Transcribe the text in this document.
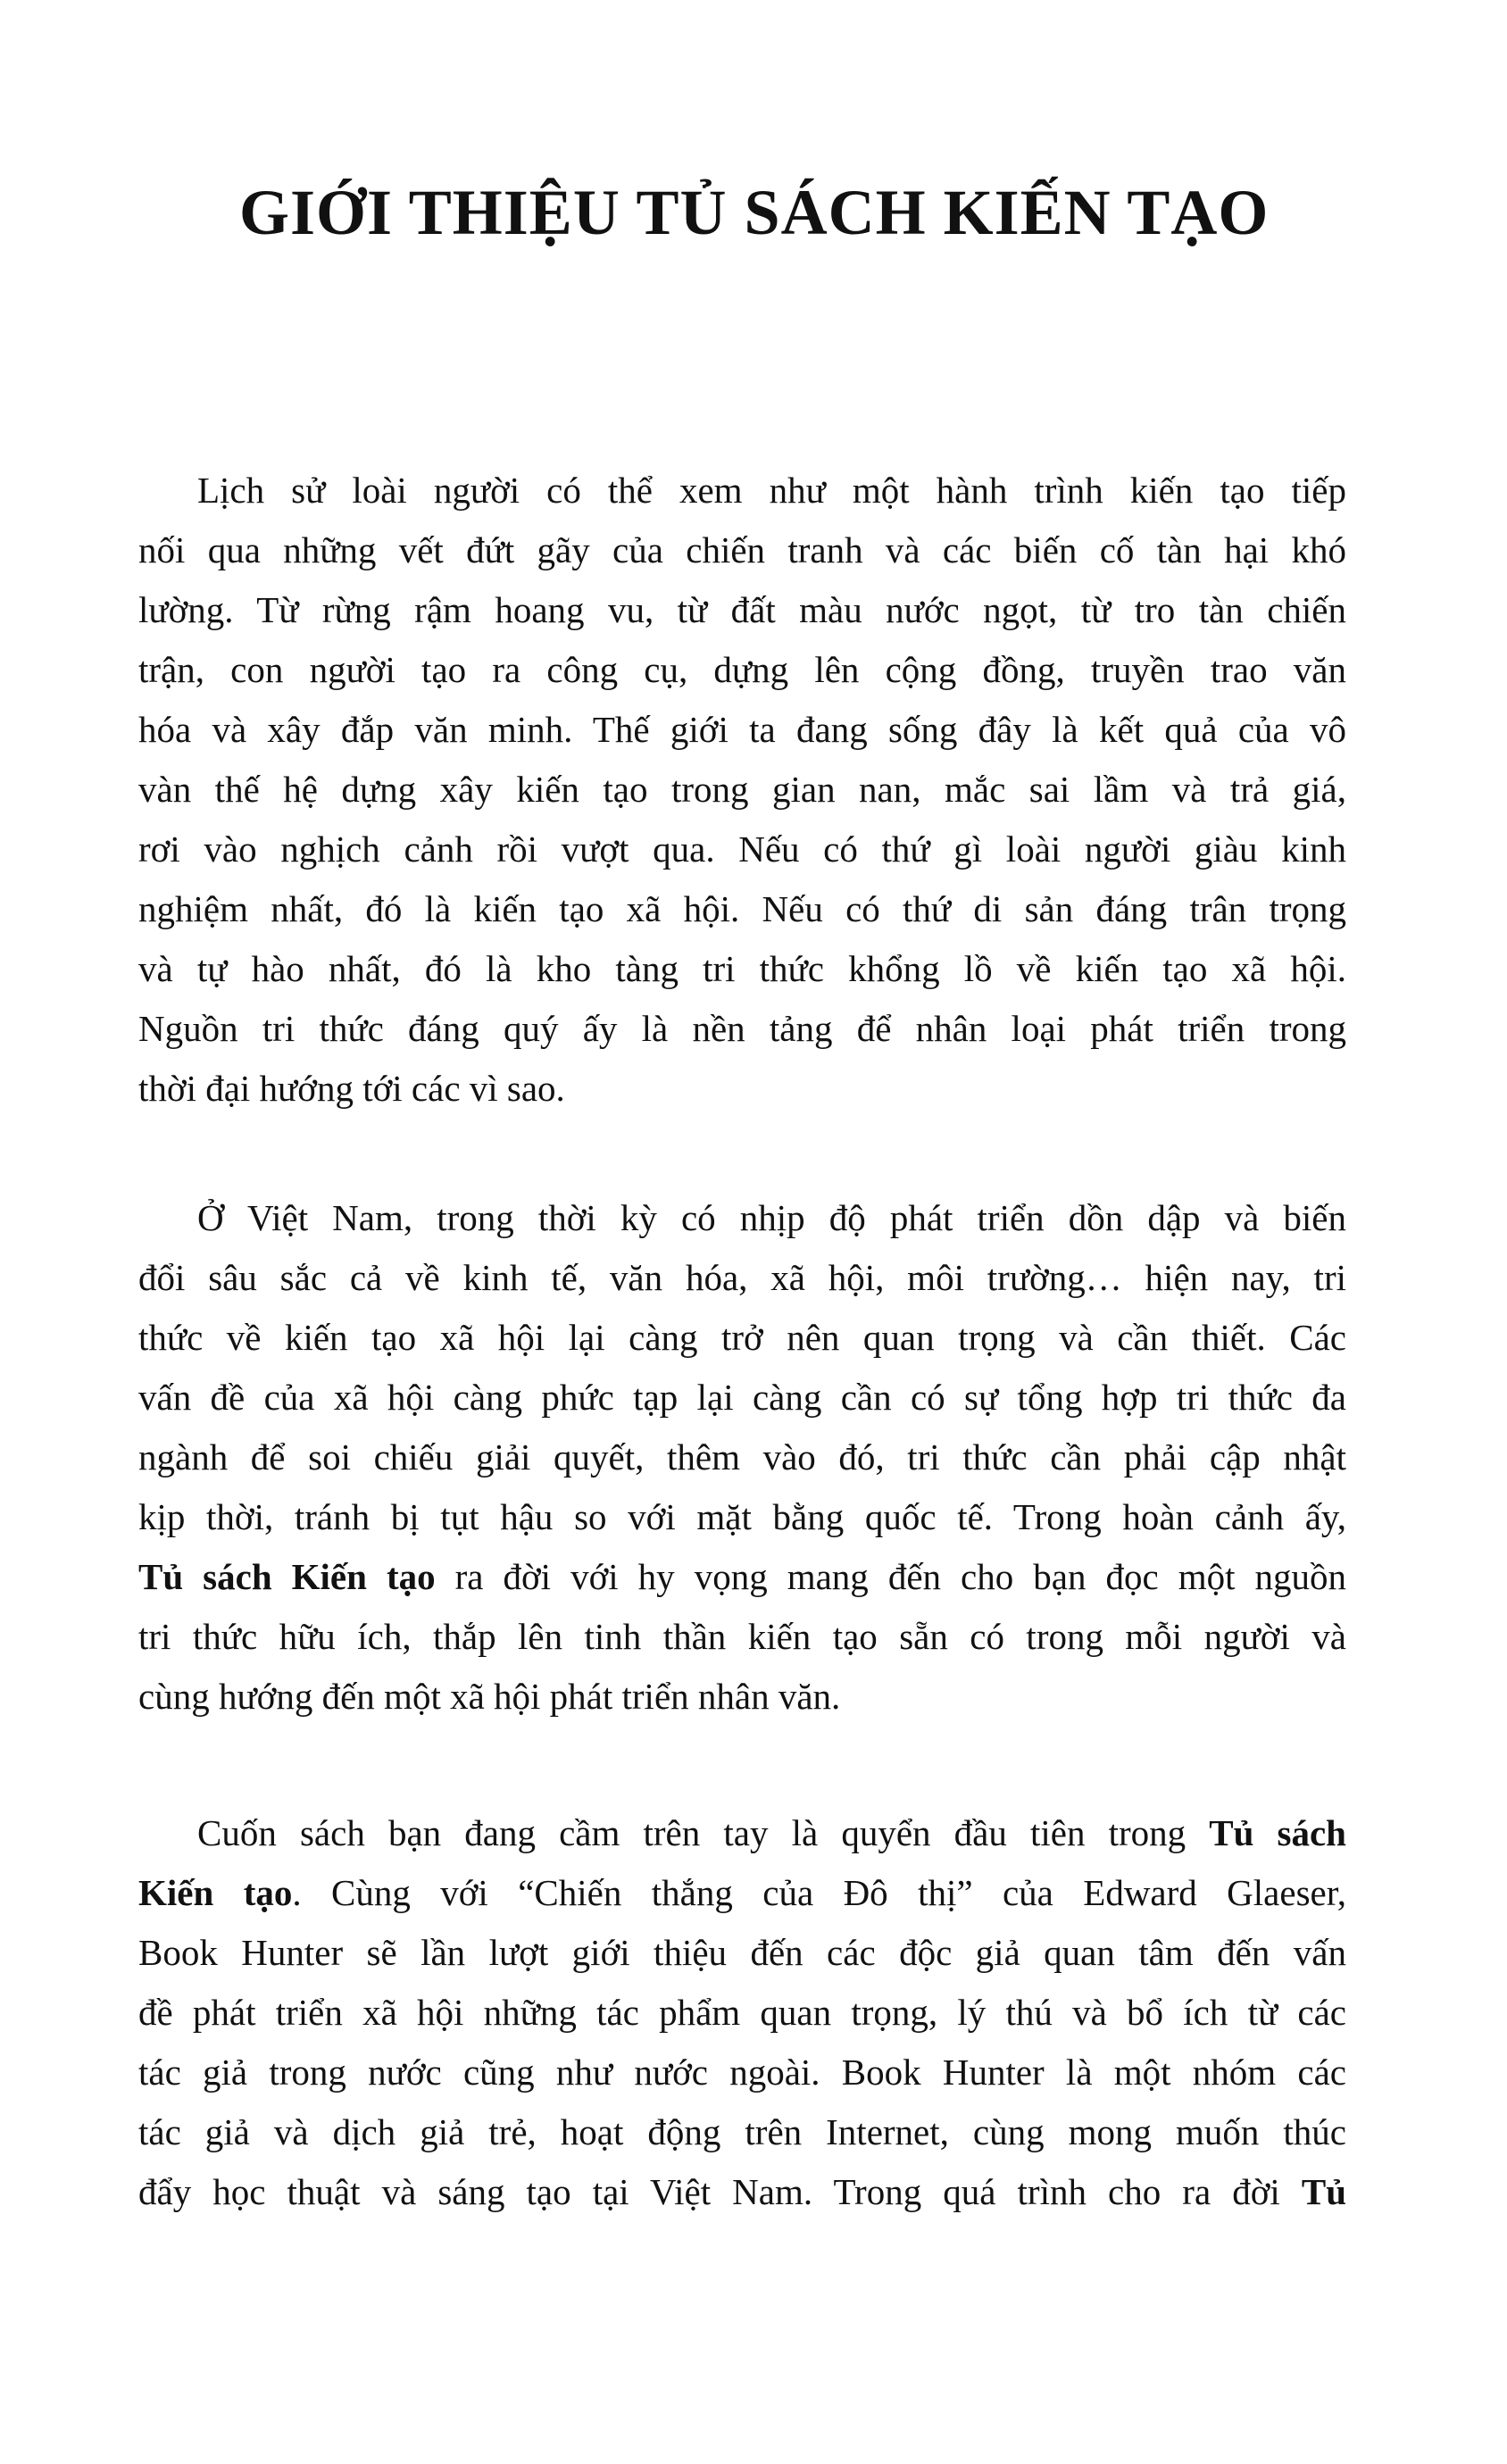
GIỚI THIỆU TỦ SÁCH KIẾN TẠO
Lịch sử loài người có thể xem như một hành trình kiến tạo tiếp
nối qua những vết đứt gãy của chiến tranh và các biến cố tàn hại khó
lường. Từ rừng rậm hoang vu, từ đất màu nước ngọt, từ tro tàn chiến
trận, con người tạo ra công cụ, dựng lên cộng đồng, truyền trao văn
hóa và xây đắp văn minh. Thế giới ta đang sống đây là kết quả của vô
vàn thế hệ dựng xây kiến tạo trong gian nan, mắc sai lầm và trả giá,
rơi vào nghịch cảnh rồi vượt qua. Nếu có thứ gì loài người giàu kinh
nghiệm nhất, đó là kiến tạo xã hội. Nếu có thứ di sản đáng trân trọng
và tự hào nhất, đó là kho tàng tri thức khổng lồ về kiến tạo xã hội.
Nguồn tri thức đáng quý ấy là nền tảng để nhân loại phát triển trong
thời đại hướng tới các vì sao.
Ở Việt Nam, trong thời kỳ có nhịp độ phát triển dồn dập và biến
đổi sâu sắc cả về kinh tế, văn hóa, xã hội, môi trường… hiện nay, tri
thức về kiến tạo xã hội lại càng trở nên quan trọng và cần thiết. Các
vấn đề của xã hội càng phức tạp lại càng cần có sự tổng hợp tri thức đa
ngành để soi chiếu giải quyết, thêm vào đó, tri thức cần phải cập nhật
kịp thời, tránh bị tụt hậu so với mặt bằng quốc tế. Trong hoàn cảnh ấy,
Tủ sách Kiến tạo ra đời với hy vọng mang đến cho bạn đọc một nguồn
tri thức hữu ích, thắp lên tinh thần kiến tạo sẵn có trong mỗi người và
cùng hướng đến một xã hội phát triển nhân văn.
Cuốn sách bạn đang cầm trên tay là quyển đầu tiên trong Tủ sách
Kiến tạo. Cùng với “Chiến thắng của Đô thị” của Edward Glaeser,
Book Hunter sẽ lần lượt giới thiệu đến các độc giả quan tâm đến vấn
đề phát triển xã hội những tác phẩm quan trọng, lý thú và bổ ích từ các
tác giả trong nước cũng như nước ngoài. Book Hunter là một nhóm các
tác giả và dịch giả trẻ, hoạt động trên Internet, cùng mong muốn thúc
đẩy học thuật và sáng tạo tại Việt Nam. Trong quá trình cho ra đời Tủ
